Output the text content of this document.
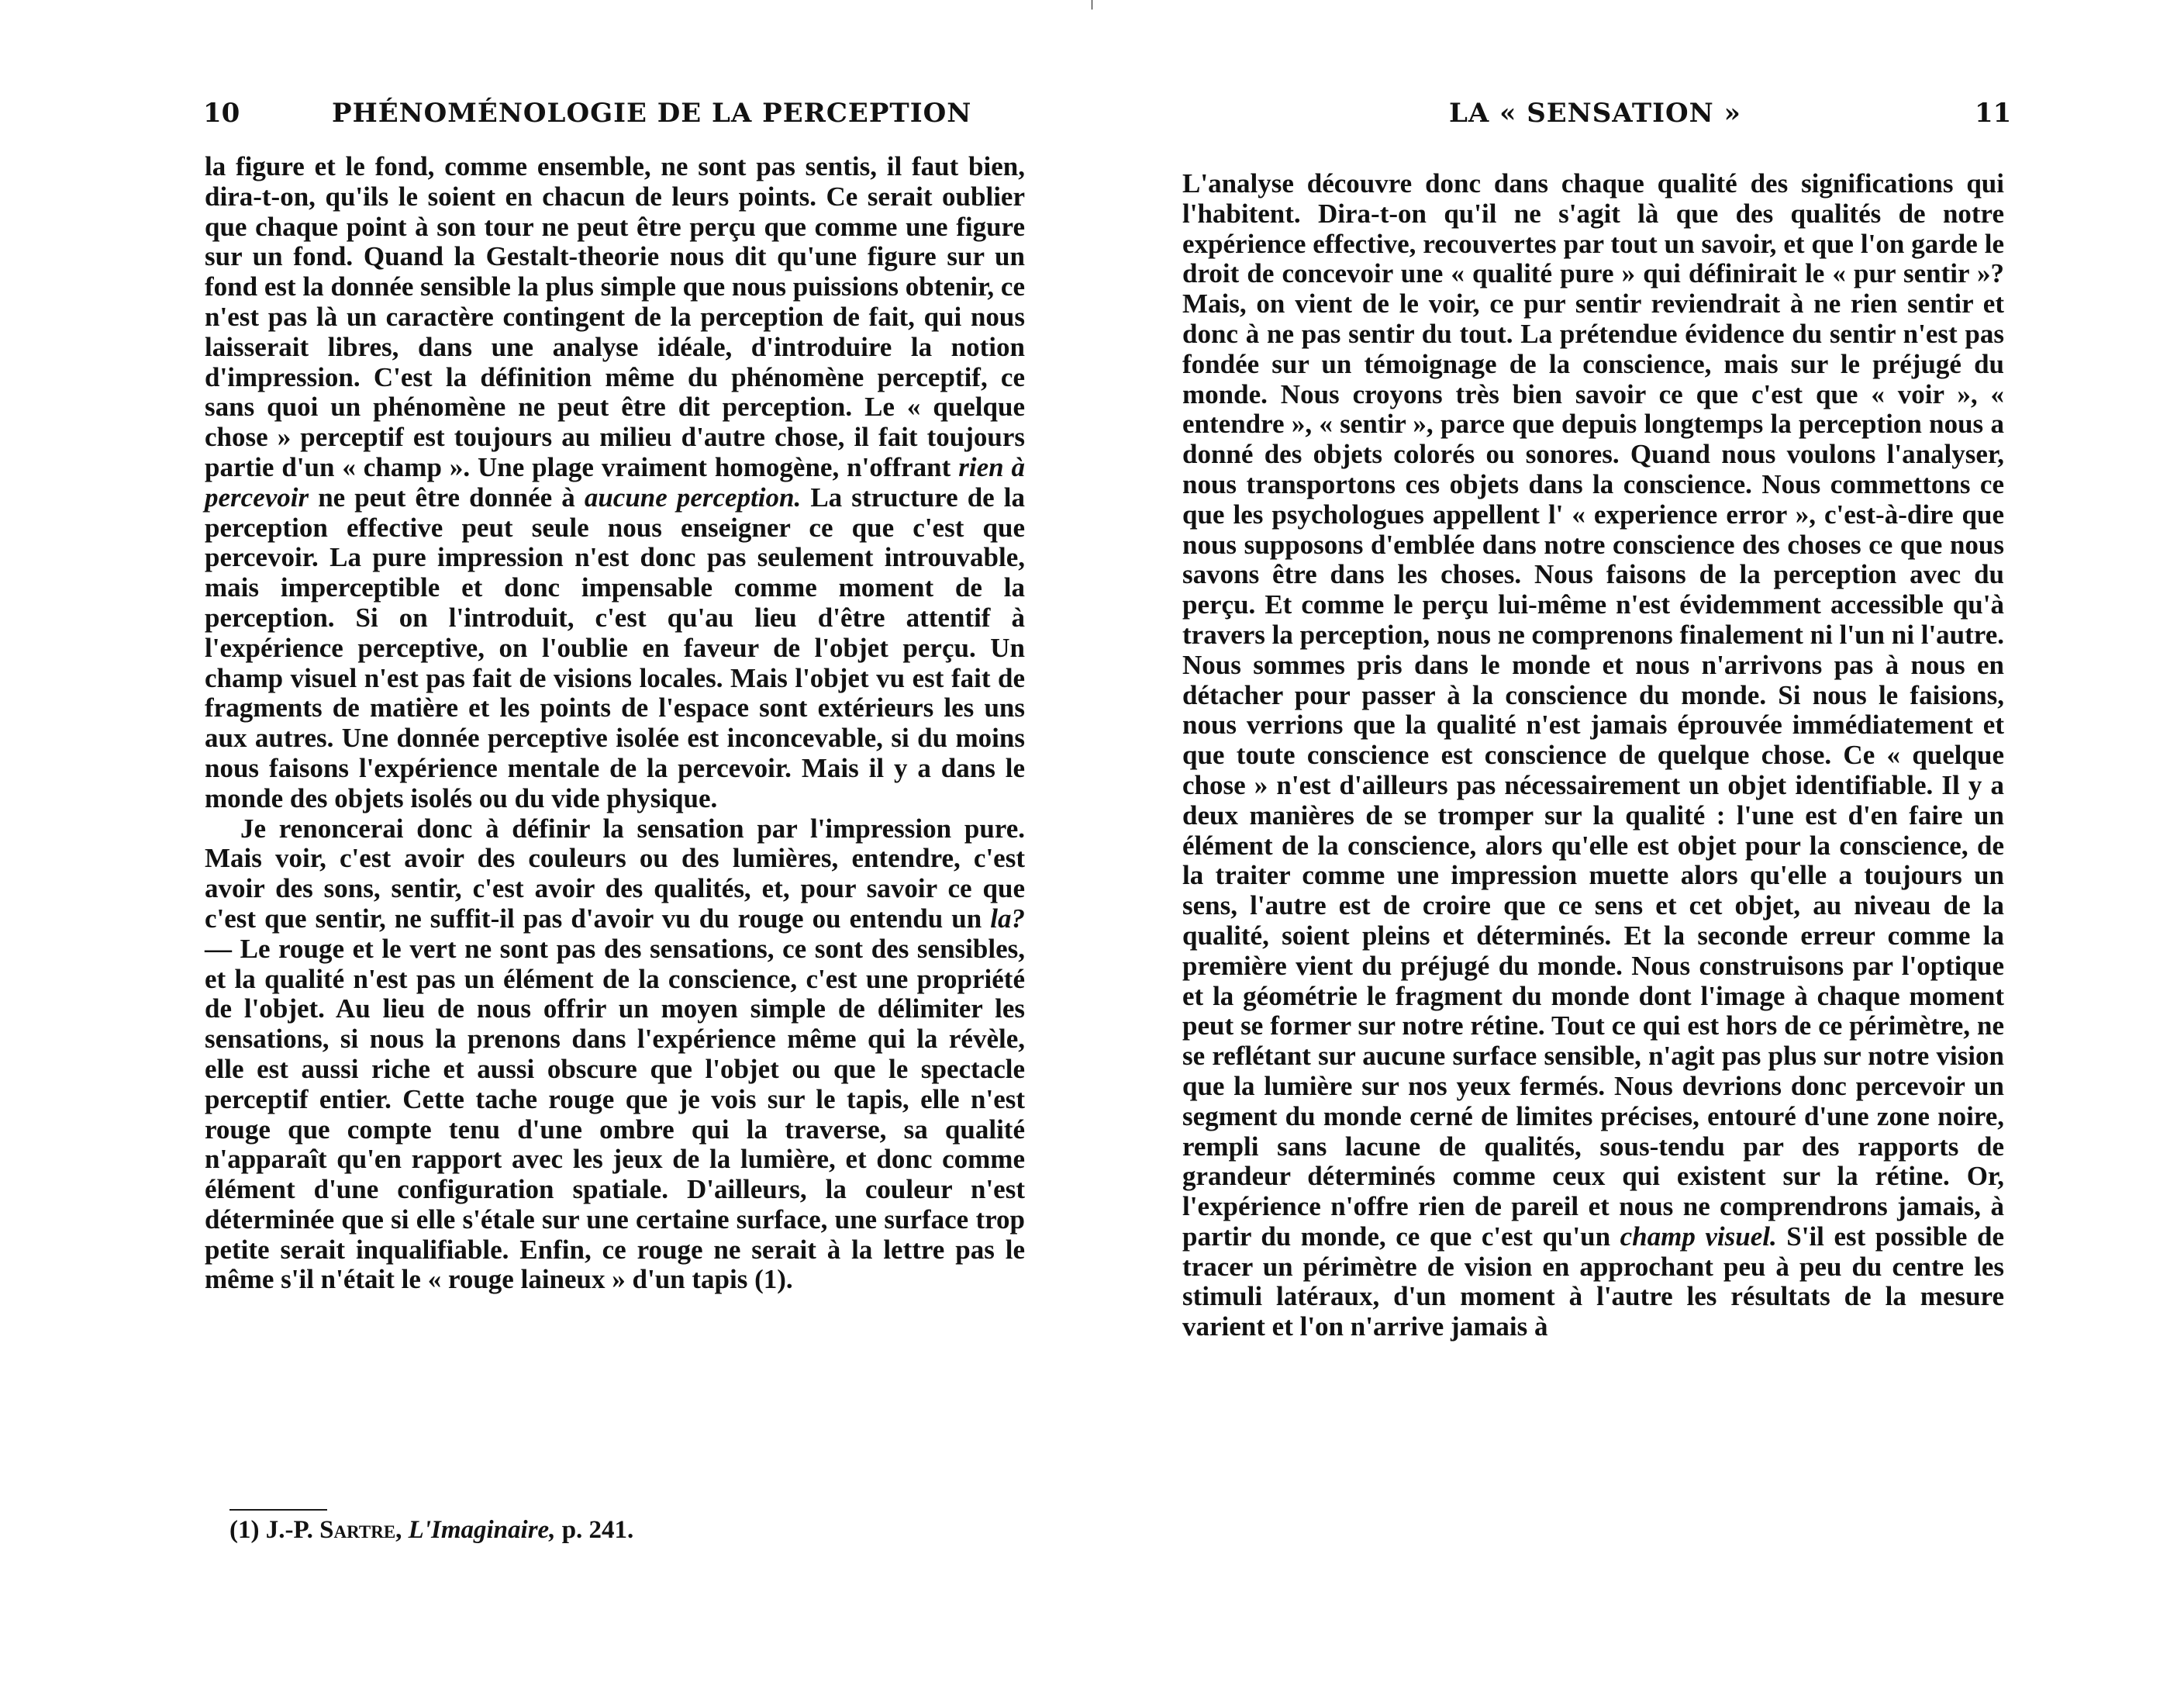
10	PHÉNOMÉNOLOGIE DE LA PERCEPTION

la figure et le fond, comme ensemble, ne sont pas sentis, il faut bien, dira-t-on, qu'ils le soient en chacun de leurs points. Ce serait oublier que chaque point à son tour ne peut être perçu que comme une figure sur un fond. Quand la Gestalt-theorie nous dit qu'une figure sur un fond est la donnée sensible la plus simple que nous puissions obtenir, ce n'est pas là un caractère contingent de la perception de fait, qui nous laisserait libres, dans une analyse idéale, d'introduire la notion d'impression. C'est la définition même du phénomène perceptif, ce sans quoi un phénomène ne peut être dit perception. Le « quelque chose » perceptif est toujours au milieu d'autre chose, il fait toujours partie d'un « champ ». Une plage vraiment homogène, n'offrant rien à percevoir ne peut être donnée à aucune perception. La structure de la perception effective peut seule nous enseigner ce que c'est que percevoir. La pure impression n'est donc pas seulement introuvable, mais imperceptible et donc impensable comme moment de la perception. Si on l'introduit, c'est qu'au lieu d'être attentif à l'expérience perceptive, on l'oublie en faveur de l'objet perçu. Un champ visuel n'est pas fait de visions locales. Mais l'objet vu est fait de fragments de matière et les points de l'espace sont extérieurs les uns aux autres. Une donnée perceptive isolée est inconcevable, si du moins nous faisons l'expérience mentale de la percevoir. Mais il y a dans le monde des objets isolés ou du vide physique.

Je renoncerai donc à définir la sensation par l'impression pure. Mais voir, c'est avoir des couleurs ou des lumières, entendre, c'est avoir des sons, sentir, c'est avoir des qualités, et, pour savoir ce que c'est que sentir, ne suffit-il pas d'avoir vu du rouge ou entendu un la? — Le rouge et le vert ne sont pas des sensations, ce sont des sensibles, et la qualité n'est pas un élément de la conscience, c'est une propriété de l'objet. Au lieu de nous offrir un moyen simple de délimiter les sensations, si nous la prenons dans l'expérience même qui la révèle, elle est aussi riche et aussi obscure que l'objet ou que le spectacle perceptif entier. Cette tache rouge que je vois sur le tapis, elle n'est rouge que compte tenu d'une ombre qui la traverse, sa qualité n'apparaît qu'en rapport avec les jeux de la lumière, et donc comme élément d'une configuration spatiale. D'ailleurs, la couleur n'est déterminée que si elle s'étale sur une certaine surface, une surface trop petite serait inqualifiable. Enfin, ce rouge ne serait à la lettre pas le même s'il n'était le « rouge laineux » d'un tapis (1).

(1) J.-P. Sartre, L'Imaginaire, p. 241.
LA « SENSATION »	11

L'analyse découvre donc dans chaque qualité des significations qui l'habitent. Dira-t-on qu'il ne s'agit là que des qualités de notre expérience effective, recouvertes par tout un savoir, et que l'on garde le droit de concevoir une « qualité pure » qui définirait le « pur sentir »? Mais, on vient de le voir, ce pur sentir reviendrait à ne rien sentir et donc à ne pas sentir du tout. La prétendue évidence du sentir n'est pas fondée sur un témoignage de la conscience, mais sur le préjugé du monde. Nous croyons très bien savoir ce que c'est que « voir », « entendre », « sentir », parce que depuis longtemps la perception nous a donné des objets colorés ou sonores. Quand nous voulons l'analyser, nous transportons ces objets dans la conscience. Nous commettons ce que les psychologues appellent l' « experience error », c'est-à-dire que nous supposons d'emblée dans notre conscience des choses ce que nous savons être dans les choses. Nous faisons de la perception avec du perçu. Et comme le perçu lui-même n'est évidemment accessible qu'à travers la perception, nous ne comprenons finalement ni l'un ni l'autre. Nous sommes pris dans le monde et nous n'arrivons pas à nous en détacher pour passer à la conscience du monde. Si nous le faisions, nous verrions que la qualité n'est jamais éprouvée immédiatement et que toute conscience est conscience de quelque chose. Ce « quelque chose » n'est d'ailleurs pas nécessairement un objet identifiable. Il y a deux manières de se tromper sur la qualité : l'une est d'en faire un élément de la conscience, alors qu'elle est objet pour la conscience, de la traiter comme une impression muette alors qu'elle a toujours un sens, l'autre est de croire que ce sens et cet objet, au niveau de la qualité, soient pleins et déterminés. Et la seconde erreur comme la première vient du préjugé du monde. Nous construisons par l'optique et la géométrie le fragment du monde dont l'image à chaque moment peut se former sur notre rétine. Tout ce qui est hors de ce périmètre, ne se reflétant sur aucune surface sensible, n'agit pas plus sur notre vision que la lumière sur nos yeux fermés. Nous devrions donc percevoir un segment du monde cerné de limites précises, entouré d'une zone noire, rempli sans lacune de qualités, sous-tendu par des rapports de grandeur déterminés comme ceux qui existent sur la rétine. Or, l'expérience n'offre rien de pareil et nous ne comprendrons jamais, à partir du monde, ce que c'est qu'un champ visuel. S'il est possible de tracer un périmètre de vision en approchant peu à peu du centre les stimuli latéraux, d'un moment à l'autre les résultats de la mesure varient et l'on n'arrive jamais à
